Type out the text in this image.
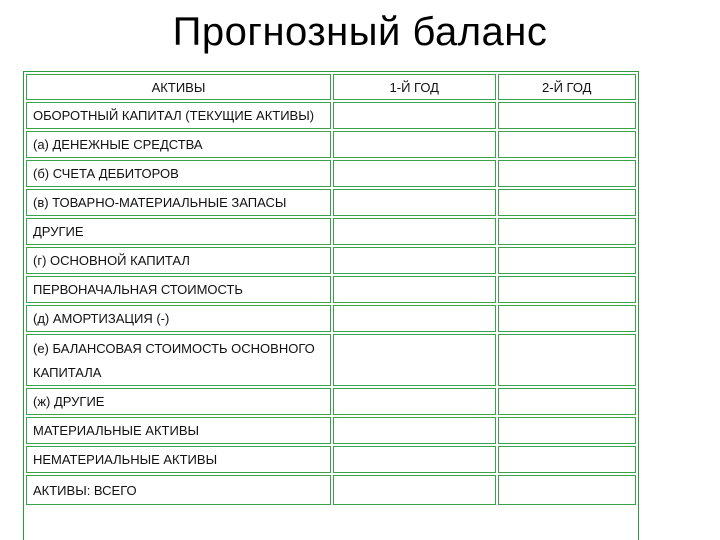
Прогнозный баланс
АКТИВЫ	1-Й ГОД	2-Й ГОД
ОБОРОТНЫЙ КАПИТАЛ (ТЕКУЩИЕ АКТИВЫ)		
(а) ДЕНЕЖНЫЕ СРЕДСТВА		
(б) СЧЕТА ДЕБИТОРОВ		
(в) ТОВАРНО-МАТЕРИАЛЬНЫЕ ЗАПАСЫ		
ДРУГИЕ		
(г) ОСНОВНОЙ КАПИТАЛ		
ПЕРВОНАЧАЛЬНАЯ СТОИМОСТЬ		
(д) АМОРТИЗАЦИЯ (-)		
(е) БАЛАНСОВАЯ СТОИМОСТЬ ОСНОВНОГО КАПИТАЛА		
(ж) ДРУГИЕ		
МАТЕРИАЛЬНЫЕ АКТИВЫ		
НЕМАТЕРИАЛЬНЫЕ АКТИВЫ		
АКТИВЫ: ВСЕГО		
